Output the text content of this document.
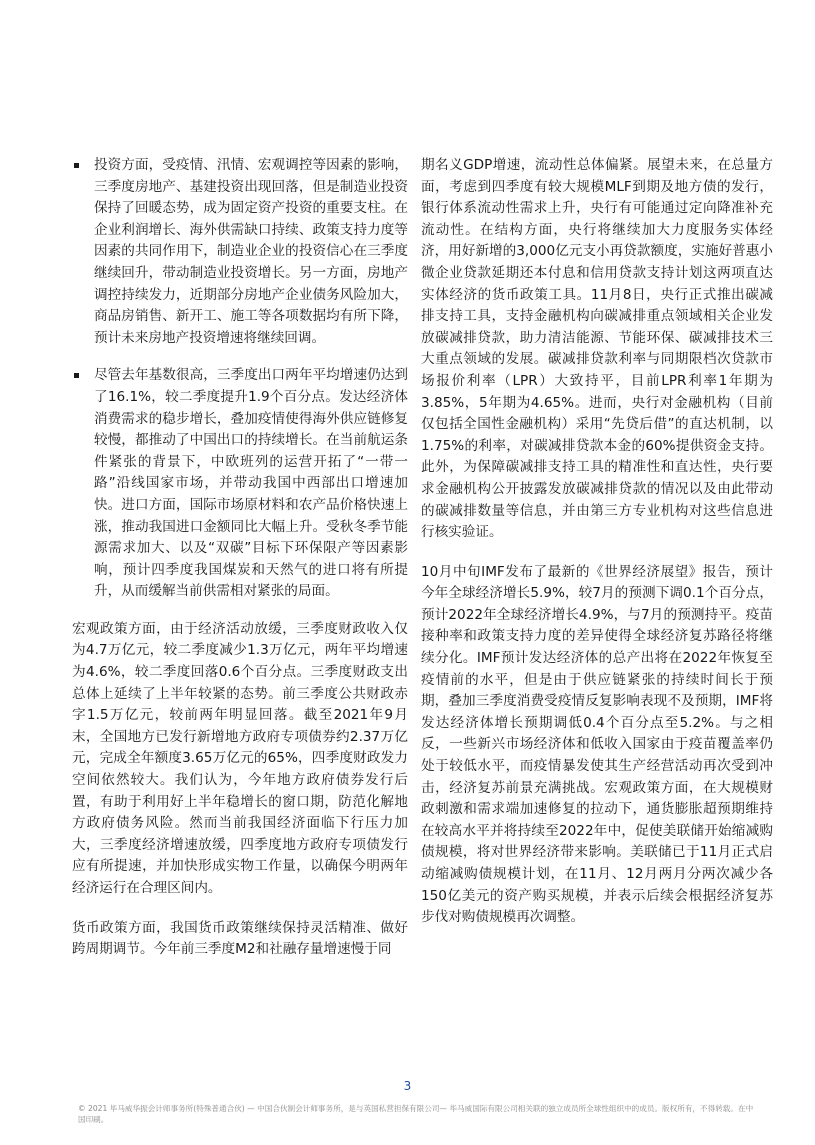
投资方面，受疫情、汛情、宏观调控等因素的影响，三季度房地产、基建投资出现回落，但是制造业投资保持了回暖态势，成为固定资产投资的重要支柱。在企业利润增长、海外供需缺口持续、政策支持力度等因素的共同作用下，制造业企业的投资信心在三季度继续回升，带动制造业投资增长。另一方面，房地产调控持续发力，近期部分房地产企业债务风险加大，商品房销售、新开工、施工等各项数据均有所下降，预计未来房地产投资增速将继续回调。
尽管去年基数很高，三季度出口两年平均增速仍达到了16.1%，较二季度提升1.9个百分点。发达经济体消费需求的稳步增长，叠加疫情使得海外供应链修复较慢，都推动了中国出口的持续增长。在当前航运条件紧张的背景下，中欧班列的运营开拓了“一带一路”沿线国家市场，并带动我国中西部出口增速加快。进口方面，国际市场原材料和农产品价格快速上涨，推动我国进口金额同比大幅上升。受秋冬季节能源需求加大、以及“双碳”目标下环保限产等因素影响，预计四季度我国煤炭和天然气的进口将有所提升，从而缓解当前供需相对紧张的局面。

宏观政策方面，由于经济活动放缓，三季度财政收入仅为4.7万亿元，较二季度减少1.3万亿元，两年平均增速为4.6%，较二季度回落0.6个百分点。三季度财政支出总体上延续了上半年较紧的态势。前三季度公共财政赤字1.5万亿元，较前两年明显回落。截至2021年9月末，全国地方已发行新增地方政府专项债券约2.37万亿元，完成全年额度3.65万亿元的65%，四季度财政发力空间依然较大。我们认为，今年地方政府债券发行后置，有助于利用好上半年稳增长的窗口期，防范化解地方政府债务风险。然而当前我国经济面临下行压力加大，三季度经济增速放缓，四季度地方政府专项债发行应有所提速，并加快形成实物工作量，以确保今明两年经济运行在合理区间内。

货币政策方面，我国货币政策继续保持灵活精准、做好跨周期调节。今年前三季度M2和社融存量增速慢于同

期名义GDP增速，流动性总体偏紧。展望未来，在总量方面，考虑到四季度有较大规模MLF到期及地方债的发行，银行体系流动性需求上升，央行有可能通过定向降准补充流动性。在结构方面，央行将继续加大力度服务实体经济，用好新增的3,000亿元支小再贷款额度，实施好普惠小微企业贷款延期还本付息和信用贷款支持计划这两项直达实体经济的货币政策工具。11月8日，央行正式推出碳减排支持工具，支持金融机构向碳减排重点领域相关企业发放碳减排贷款，助力清洁能源、节能环保、碳减排技术三大重点领域的发展。碳减排贷款利率与同期限档次贷款市场报价利率（LPR）大致持平，目前LPR利率1年期为3.85%，5年期为4.65%。进而，央行对金融机构（目前仅包括全国性金融机构）采用“先贷后借”的直达机制，以1.75%的利率，对碳减排贷款本金的60%提供资金支持。此外，为保障碳减排支持工具的精准性和直达性，央行要求金融机构公开披露发放碳减排贷款的情况以及由此带动的碳减排数量等信息，并由第三方专业机构对这些信息进行核实验证。

10月中旬IMF发布了最新的《世界经济展望》报告，预计今年全球经济增长5.9%，较7月的预测下调0.1个百分点，预计2022年全球经济增长4.9%，与7月的预测持平。疫苗接种率和政策支持力度的差异使得全球经济复苏路径将继续分化。IMF预计发达经济体的总产出将在2022年恢复至疫情前的水平，但是由于供应链紧张的持续时间长于预期，叠加三季度消费受疫情反复影响表现不及预期，IMF将发达经济体增长预期调低0.4个百分点至5.2%。与之相反，一些新兴市场经济体和低收入国家由于疫苗覆盖率仍处于较低水平，而疫情暴发使其生产经营活动再次受到冲击，经济复苏前景充满挑战。宏观政策方面，在大规模财政刺激和需求端加速修复的拉动下，通货膨胀超预期维持在较高水平并将持续至2022年中，促使美联储开始缩减购债规模，将对世界经济带来影响。美联储已于11月正式启动缩减购债规模计划，在11月、12月两月分两次减少各150亿美元的资产购买规模，并表示后续会根据经济复苏步伐对购债规模再次调整。

3
© 2021 毕马威华振会计师事务所(特殊普通合伙) — 中国合伙制会计师事务所，是与英国私营担保有限公司— 毕马威国际有限公司相关联的独立成员所全球性组织中的成员。版权所有，不得转载。在中国印刷。
